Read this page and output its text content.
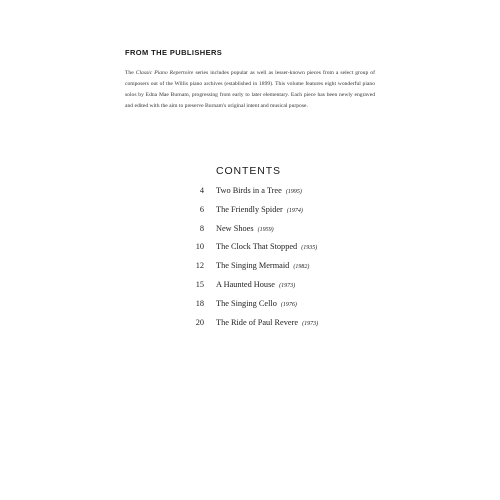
FROM THE PUBLISHERS

The Classic Piano Repertoire series includes popular as well as lesser-known pieces from a select group of composers out of the Willis piano archives (established in 1899). This volume features eight wonderful piano solos by Edna Mae Burnam, progressing from early to later elementary. Each piece has been newly engraved and edited with the aim to preserve Burnam's original intent and musical purpose.

CONTENTS
4 Two Birds in a Tree (1995)
6 The Friendly Spider (1974)
8 New Shoes (1959)
10 The Clock That Stopped (1935)
12 The Singing Mermaid (1982)
15 A Haunted House (1973)
18 The Singing Cello (1976)
20 The Ride of Paul Revere (1973)
